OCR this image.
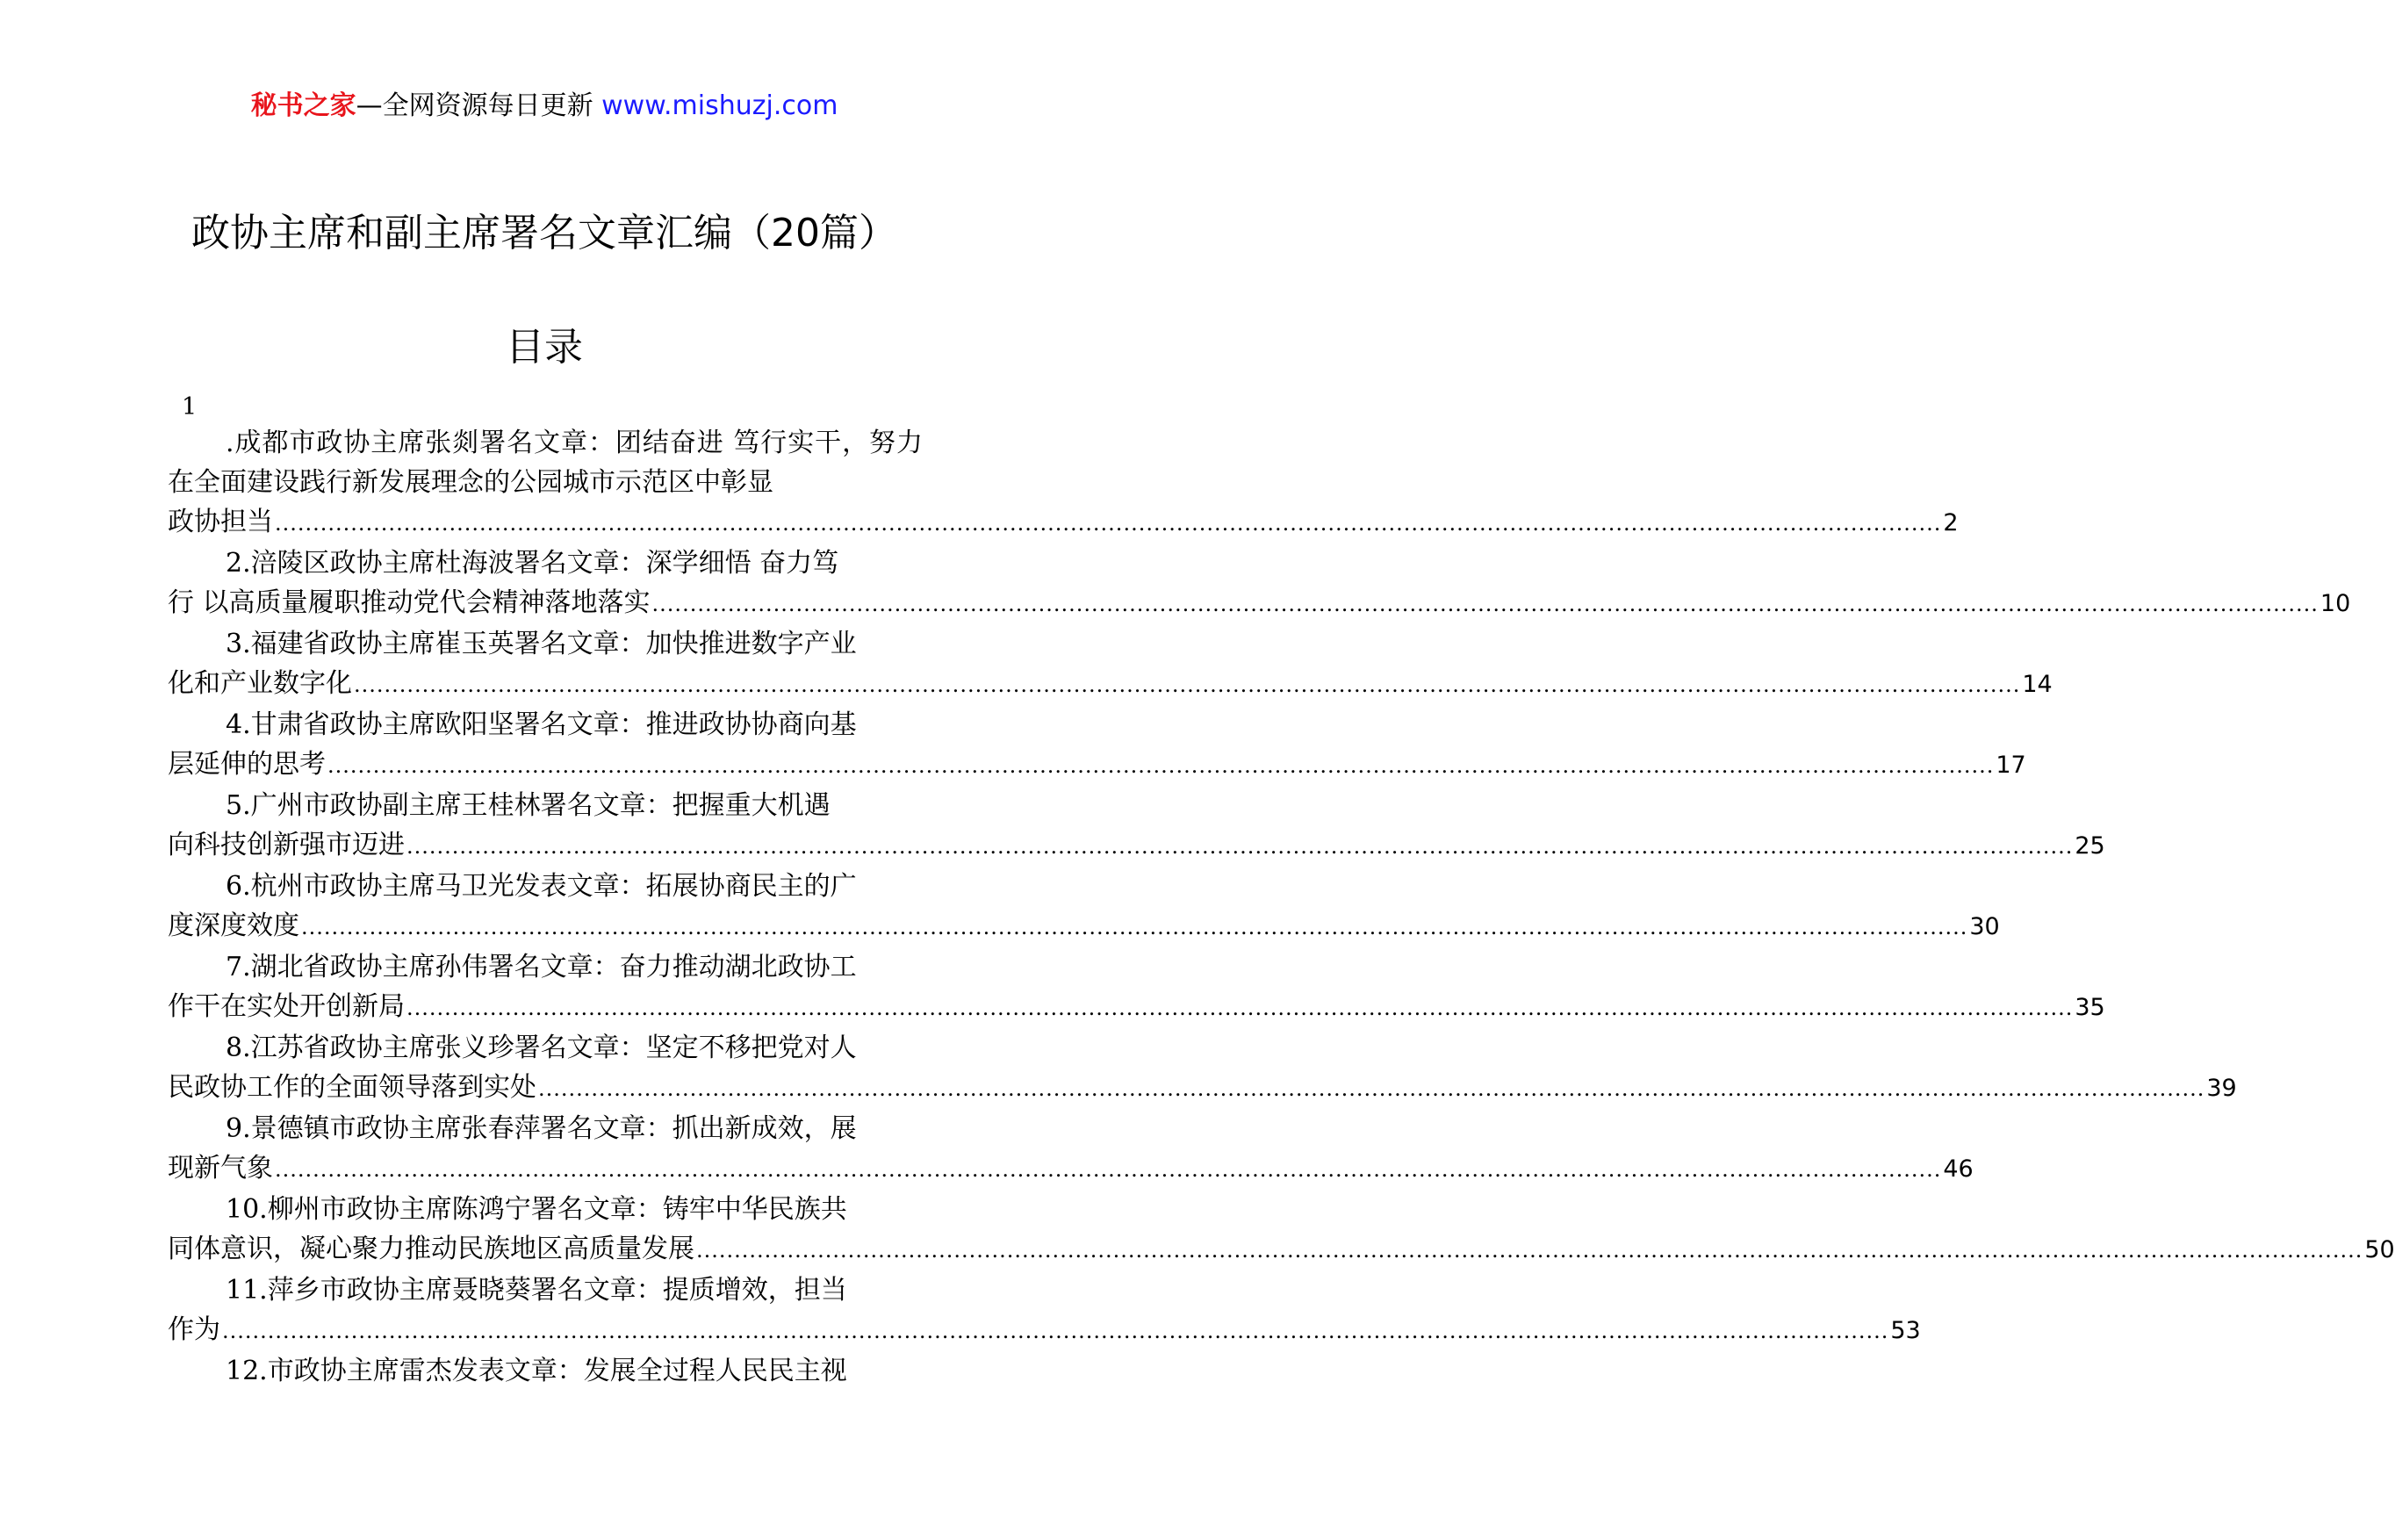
秘书之家—全网资源每日更新 www.mishuzj.com
政协主席和副主席署名文章汇编（20篇）
目录
1
.成都市政协主席张剡署名文章：团结奋进 笃行实干，努力在全面建设践行新发展理念的公园城市示范区中彰显
政协担当 ............................................................................................................................................................................................................................ 2
2.涪陵区政协主席杜海波署名文章：深学细悟 奋力笃
行 以高质量履职推动党代会精神落地落实 ............................................................................................................................................................................................................................ 10
3.福建省政协主席崔玉英署名文章：加快推进数字产业
化和产业数字化 ............................................................................................................................................................................................................................ 14
4.甘肃省政协主席欧阳坚署名文章：推进政协协商向基
层延伸的思考 ............................................................................................................................................................................................................................ 17
5.广州市政协副主席王桂林署名文章：把握重大机遇
向科技创新强市迈进 ............................................................................................................................................................................................................................ 25
6.杭州市政协主席马卫光发表文章：拓展协商民主的广
度深度效度 ............................................................................................................................................................................................................................ 30
7.湖北省政协主席孙伟署名文章：奋力推动湖北政协工
作干在实处开创新局 ............................................................................................................................................................................................................................ 35
8.江苏省政协主席张义珍署名文章：坚定不移把党对人
民政协工作的全面领导落到实处 ............................................................................................................................................................................................................................ 39
9.景德镇市政协主席张春萍署名文章：抓出新成效，展
现新气象 ............................................................................................................................................................................................................................ 46
10.柳州市政协主席陈鸿宁署名文章：铸牢中华民族共
同体意识，凝心聚力推动民族地区高质量发展 ............................................................................................................................................................................................................................ 50
11.萍乡市政协主席聂晓葵署名文章：提质增效，担当
作为 ............................................................................................................................................................................................................................ 53
12.市政协主席雷杰发表文章：发展全过程人民民主视
